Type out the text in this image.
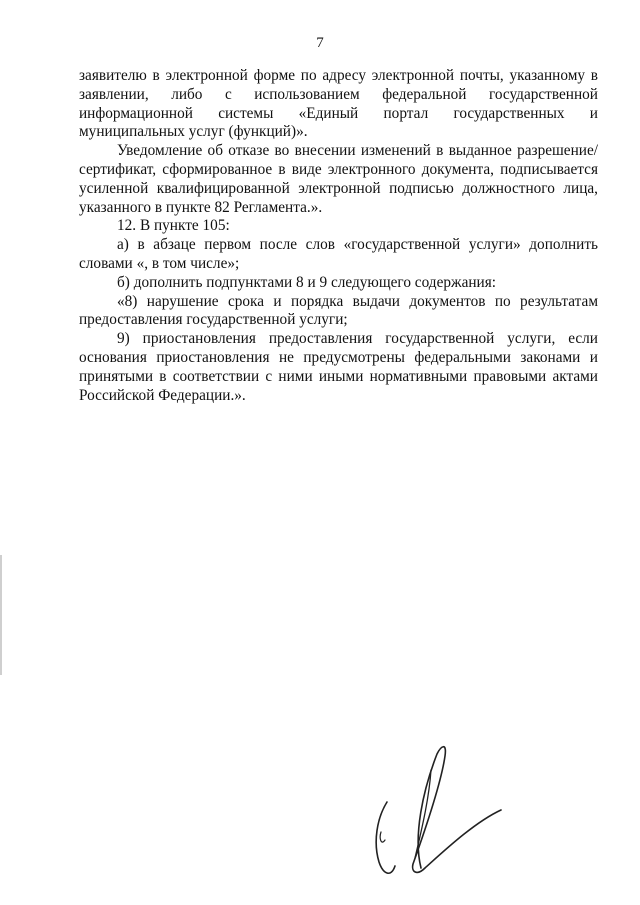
7

заявителю в электронной форме по адресу электронной почты, указанному в заявлении, либо с использованием федеральной государственной информационной системы «Единый портал государственных и муниципальных услуг (функций)».

Уведомление об отказе во внесении изменений в выданное разрешение/сертификат, сформированное в виде электронного документа, подписывается усиленной квалифицированной электронной подписью должностного лица, указанного в пункте 82 Регламента.».

12. В пункте 105:

а) в абзаце первом после слов «государственной услуги» дополнить словами «, в том числе»;

б) дополнить подпунктами 8 и 9 следующего содержания:

«8) нарушение срока и порядка выдачи документов по результатам предоставления государственной услуги;

9) приостановления предоставления государственной услуги, если основания приостановления не предусмотрены федеральными законами и принятыми в соответствии с ними иными нормативными правовыми актами Российской Федерации.».
